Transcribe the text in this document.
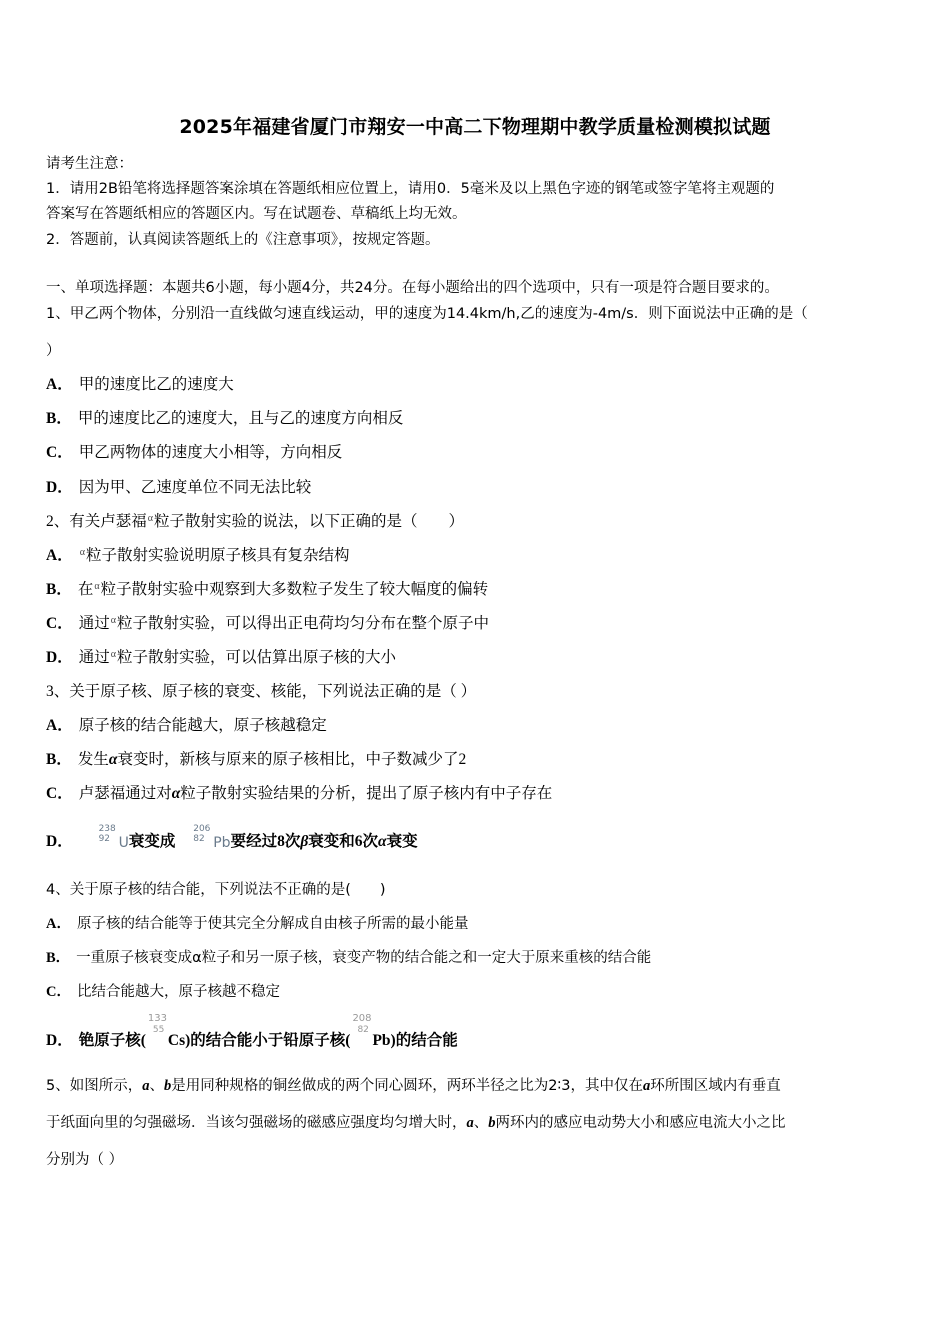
2025年福建省厦门市翔安一中高二下物理期中教学质量检测模拟试题
请考生注意：
1．请用2B铅笔将选择题答案涂填在答题纸相应位置上，请用0．5毫米及以上黑色字迹的钢笔或签字笔将主观题的
答案写在答题纸相应的答题区内。写在试题卷、草稿纸上均无效。
2．答题前，认真阅读答题纸上的《注意事项》，按规定答题。
一、单项选择题：本题共6小题，每小题4分，共24分。在每小题给出的四个选项中，只有一项是符合题目要求的。
1、甲乙两个物体，分别沿一直线做匀速直线运动，甲的速度为14.4km/h,乙的速度为-4m/s．则下面说法中正确的是（
）
A． 甲的速度比乙的速度大
B． 甲的速度比乙的速度大，且与乙的速度方向相反
C． 甲乙两物体的速度大小相等，方向相反
D． 因为甲、乙速度单位不同无法比较
2、有关卢瑟福$^\alpha$粒子散射实验的说法，以下正确的是（　　）
A． $^\alpha$粒子散射实验说明原子核具有复杂结构
B． 在$^\alpha$粒子散射实验中观察到大多数粒子发生了较大幅度的偏转
C． 通过$^\alpha$粒子散射实验，可以得出正电荷均匀分布在整个原子中
D． 通过$^\alpha$粒子散射实验，可以估算出原子核的大小
3、关于原子核、原子核的衰变、核能，下列说法正确的是（ ）
A． 原子核的结合能越大，原子核越稳定
B． 发生α衰变时，新核与原来的原子核相比，中子数减少了2
C． 卢瑟福通过对α粒子散射实验结果的分析，提出了原子核内有中子存在
D．
238
92 U衰变成
206
82 Pb要经过8次β衰变和6次α衰变
4、关于原子核的结合能，下列说法不正确的是(　　)
A． 原子核的结合能等于使其完全分解成自由核子所需的最小能量
B． 一重原子核衰变成α粒子和另一原子核，衰变产物的结合能之和一定大于原来重核的结合能
C． 比结合能越大，原子核越不稳定
D． 铯原子核(
133
55
Cs)的结合能小于铅原子核(
208
82
Pb)的结合能
5、如图所示，a、b是用同种规格的铜丝做成的两个同心圆环，两环半径之比为2∶3，其中仅在a环所围区域内有垂直
于纸面向里的匀强磁场．当该匀强磁场的磁感应强度均匀增大时，a、b两环内的感应电动势大小和感应电流大小之比
分别为（ ）
